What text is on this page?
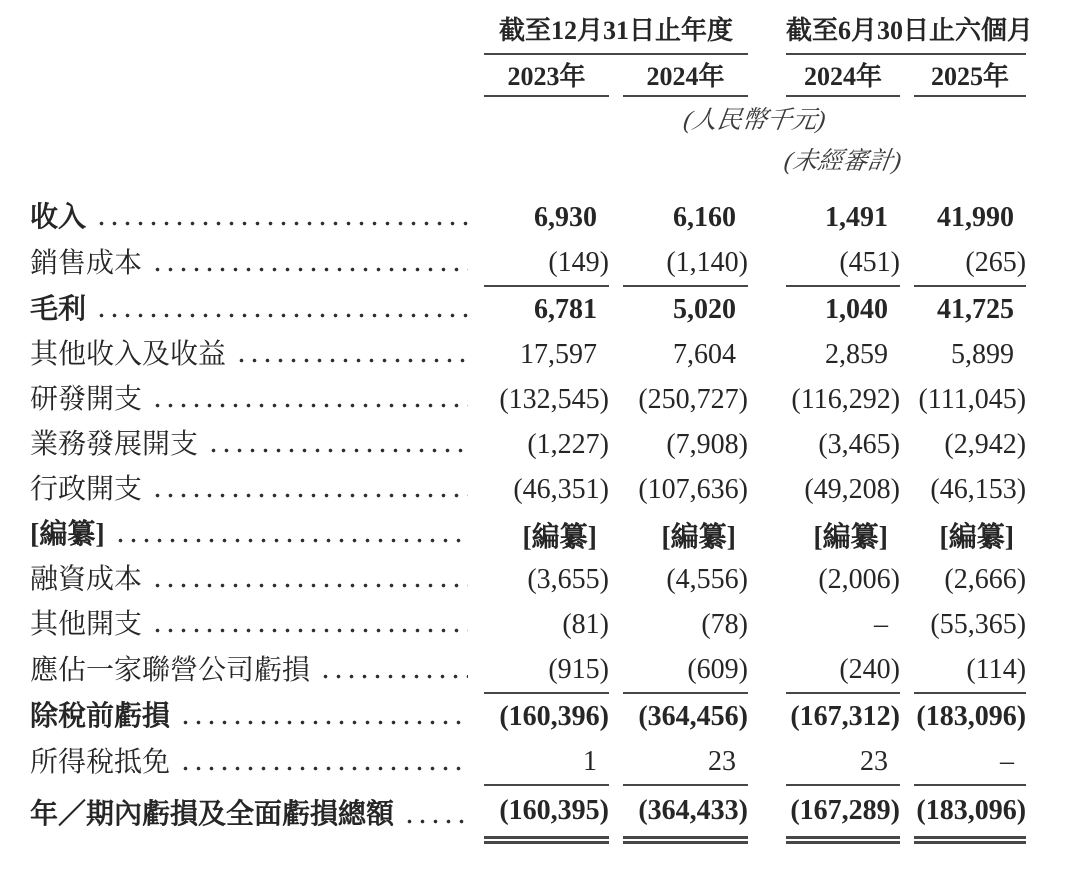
	截至12月31日止年度			截至6月30日止六個月	
	2023年	2024年		2024年	2025年
	(人民幣千元)				

				(未經審計)	

收入	6,930	6,160		1,491	41,990

銷售成本	(149)	(1,140)		(451)	(265)

毛利	6,781	5,020		1,040	41,725

其他收入及收益	17,597	7,604		2,859	5,899

研發開支	(132,545)	(250,727)		(116,292)	(111,045)

業務發展開支	(1,227)	(7,908)		(3,465)	(2,942)

行政開支	(46,351)	(107,636)		(49,208)	(46,153)

[編纂]	[編纂]	[編纂]		[編纂]	[編纂]

融資成本	(3,655)	(4,556)		(2,006)	(2,666)

其他開支	(81)	(78)		–	(55,365)

應佔一家聯營公司虧損	(915)	(609)		(240)	(114)

除稅前虧損	(160,396)	(364,456)		(167,312)	(183,096)

所得稅抵免	1	23		23	–

年／期內虧損及全面虧損總額	(160,395)	(364,433)		(167,289)	(183,096)
